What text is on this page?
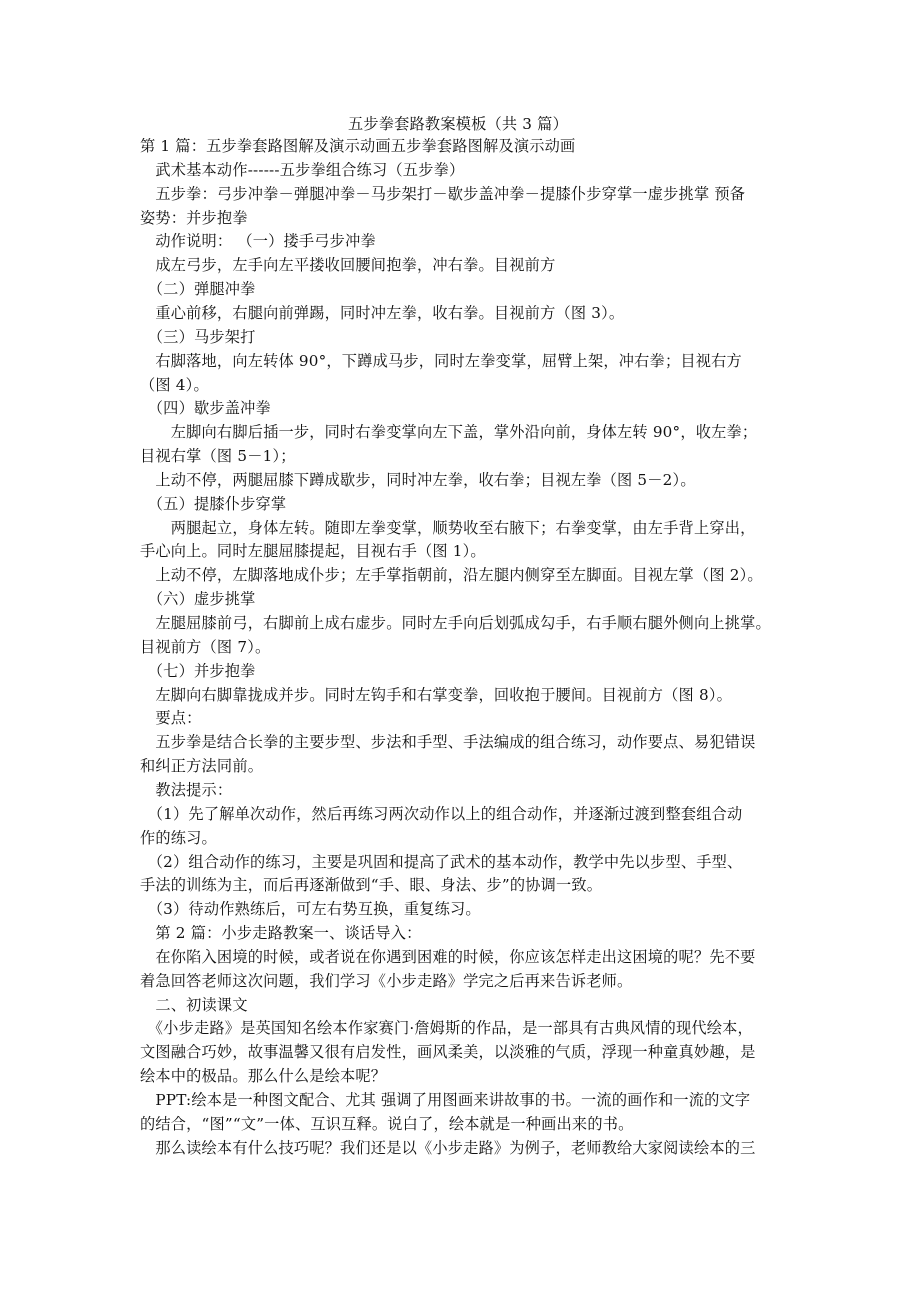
五步拳套路教案模板（共 3 篇）
第 1 篇：五步拳套路图解及演示动画五步拳套路图解及演示动画
　武术基本动作------五步拳组合练习（五步拳）
　五步拳：弓步冲拳－弹腿冲拳－马步架打－歇步盖冲拳－提膝仆步穿掌一虚步挑掌 预备
姿势：并步抱拳
　动作说明： （一）搂手弓步冲拳
　成左弓步，左手向左平搂收回腰间抱拳，冲右拳。目视前方
　（二）弹腿冲拳
　重心前移，右腿向前弹踢，同时冲左拳，收右拳。目视前方（图 3）。
　（三）马步架打
　右脚落地，向左转体 90°，下蹲成马步，同时左拳变掌，屈臂上架，冲右拳；目视右方
（图 4）。
　（四）歇步盖冲拳
　　左脚向右脚后插一步，同时右拳变掌向左下盖，掌外沿向前，身体左转 90°，收左拳；
目视右掌（图 5－1）；
　上动不停，两腿屈膝下蹲成歇步，同时冲左拳，收右拳；目视左拳（图 5－2）。
　（五）提膝仆步穿掌
　　两腿起立，身体左转。随即左拳变掌，顺势收至右腋下；右拳变掌，由左手背上穿出，
手心向上。同时左腿屈膝提起，目视右手（图 1）。
　上动不停，左脚落地成仆步；左手掌指朝前，沿左腿内侧穿至左脚面。目视左掌（图 2）。
　（六）虚步挑掌
　左腿屈膝前弓，右脚前上成右虚步。同时左手向后划弧成勾手，右手顺右腿外侧向上挑掌。
目视前方（图 7）。
　（七）并步抱拳
　左脚向右脚靠拢成并步。同时左钩手和右掌变拳，回收抱于腰间。目视前方（图 8）。
　要点：
　五步拳是结合长拳的主要步型、步法和手型、手法编成的组合练习，动作要点、易犯错误
和纠正方法同前。
　教法提示：
　（1）先了解单次动作，然后再练习两次动作以上的组合动作，并逐渐过渡到整套组合动
作的练习。
　（2）组合动作的练习，主要是巩固和提高了武术的基本动作，教学中先以步型、手型、
手法的训练为主，而后再逐渐做到“手、眼、身法、步”的协调一致。
　（3）待动作熟练后，可左右势互换，重复练习。
　第 2 篇：小步走路教案一、谈话导入：
　在你陷入困境的时候，或者说在你遇到困难的时候，你应该怎样走出这困境的呢？先不要
着急回答老师这次问题，我们学习《小步走路》学完之后再来告诉老师。
　二、初读课文
　《小步走路》是英国知名绘本作家赛门·詹姆斯的作品，是一部具有古典风情的现代绘本，
文图融合巧妙，故事温馨又很有启发性，画风柔美，以淡雅的气质，浮现一种童真妙趣，是
绘本中的极品。那么什么是绘本呢？
　PPT:绘本是一种图文配合、尤其 强调了用图画来讲故事的书。一流的画作和一流的文字
的结合，“图”“文”一体、互识互释。说白了，绘本就是一种画出来的书。
　那么读绘本有什么技巧呢？我们还是以《小步走路》为例子，老师教给大家阅读绘本的三
